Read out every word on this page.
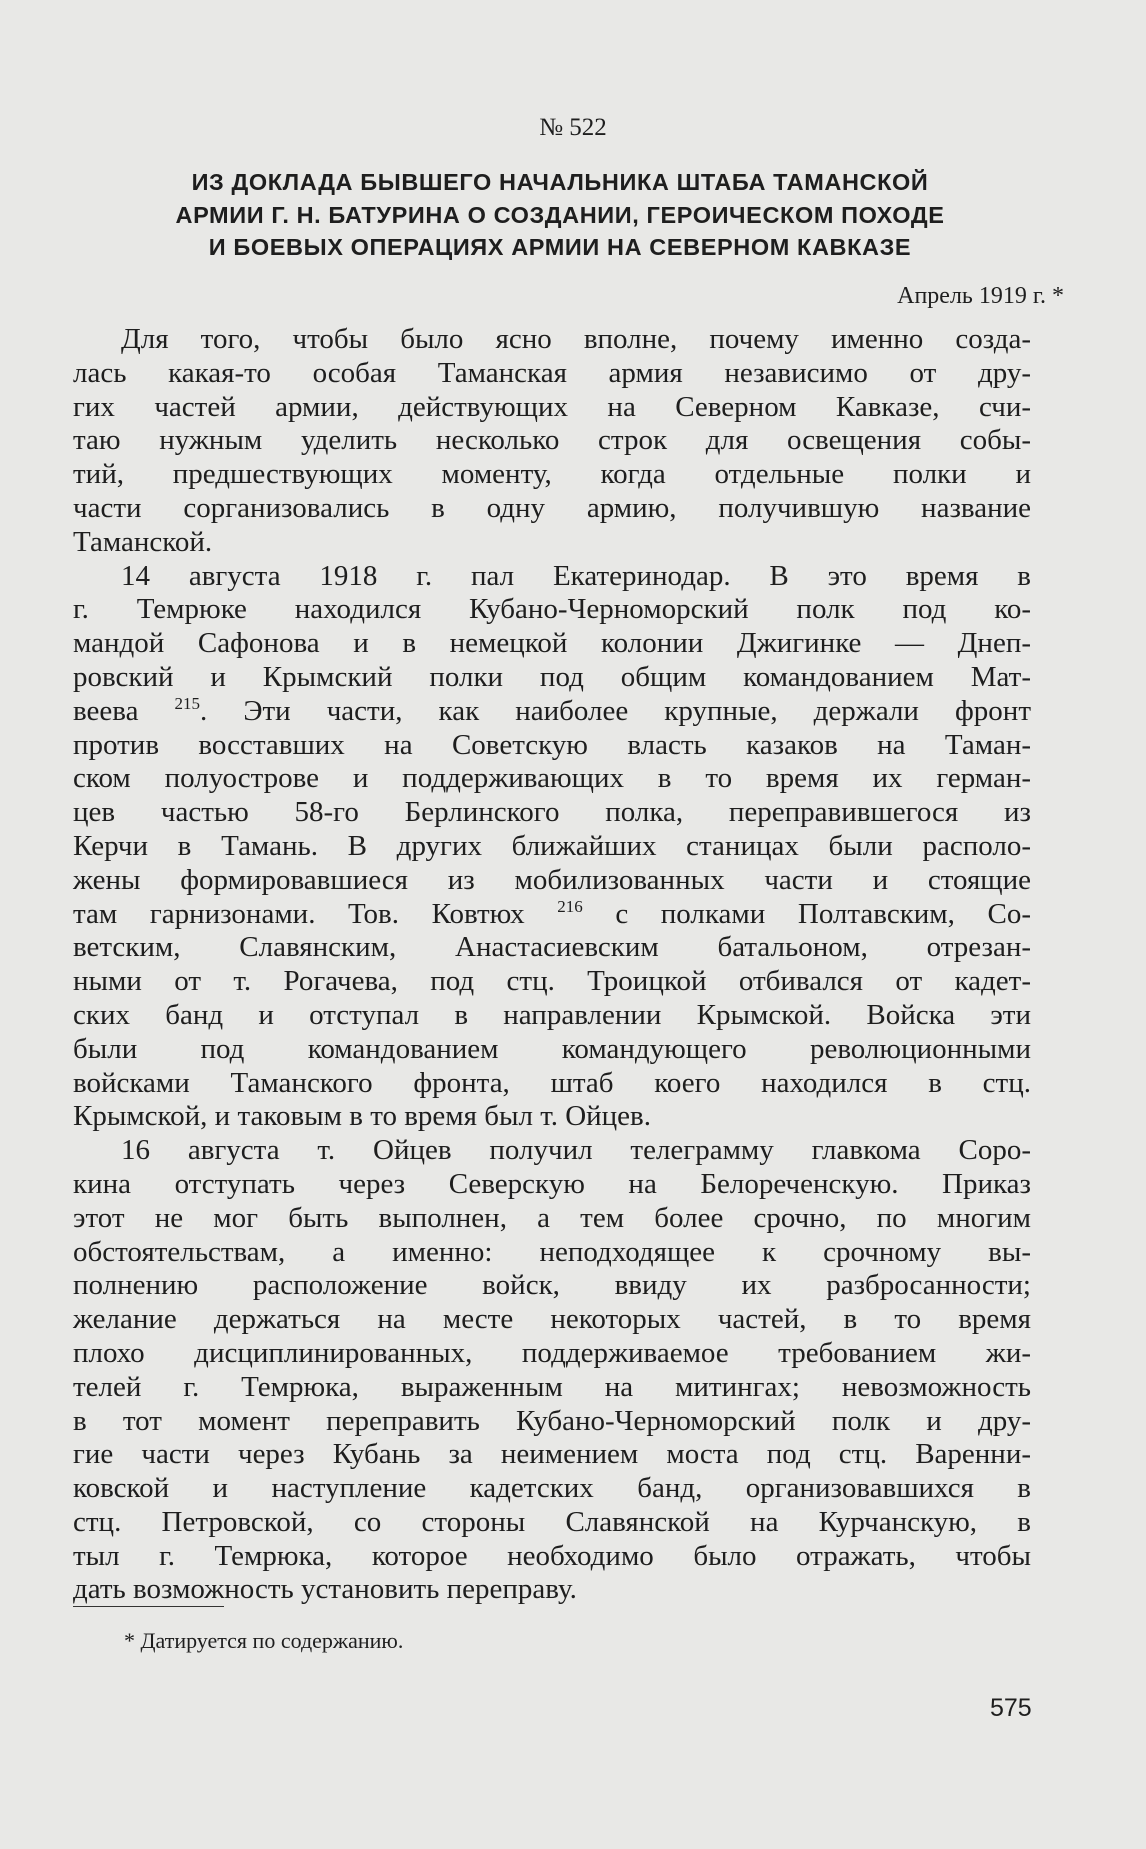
№ 522
ИЗ ДОКЛАДА БЫВШЕГО НАЧАЛЬНИКА ШТАБА ТАМАНСКОЙ
АРМИИ Г. Н. БАТУРИНА О СОЗДАНИИ, ГЕРОИЧЕСКОМ ПОХОДЕ
И БОЕВЫХ ОПЕРАЦИЯХ АРМИИ НА СЕВЕРНОМ КАВКАЗЕ
Апрель 1919 г. *
Для того, чтобы было ясно вполне, почему именно созда-
лась какая-то особая Таманская армия независимо от дру-
гих частей армии, действующих на Северном Кавказе, счи-
таю нужным уделить несколько строк для освещения собы-
тий, предшествующих моменту, когда отдельные полки и
части сорганизовались в одну армию, получившую название
Таманской.
14 августа 1918 г. пал Екатеринодар. В это время в
г. Темрюке находился Кубано-Черноморский полк под ко-
мандой Сафонова и в немецкой колонии Джигинке — Днеп-
ровский и Крымский полки под общим командованием Мат-
веева $^{215}$. Эти части, как наиболее крупные, держали фронт
против восставших на Советскую власть казаков на Таман-
ском полуострове и поддерживающих в то время их герман-
цев частью 58-го Берлинского полка, переправившегося из
Керчи в Тамань. В других ближайших станицах были располо-
жены формировавшиеся из мобилизованных части и стоящие
там гарнизонами. Тов. Ковтюх $^{216}$ с полками Полтавским, Со-
ветским, Славянским, Анастасиевским батальоном, отрезан-
ными от т. Рогачева, под стц. Троицкой отбивался от кадет-
ских банд и отступал в направлении Крымской. Войска эти
были под командованием командующего революционными
войсками Таманского фронта, штаб коего находился в стц.
Крымской, и таковым в то время был т. Ойцев.
16 августа т. Ойцев получил телеграмму главкома Соро-
кина отступать через Северскую на Белореченскую. Приказ
этот не мог быть выполнен, а тем более срочно, по многим
обстоятельствам, а именно: неподходящее к срочному вы-
полнению расположение войск, ввиду их разбросанности;
желание держаться на месте некоторых частей, в то время
плохо дисциплинированных, поддерживаемое требованием жи-
телей г. Темрюка, выраженным на митингах; невозможность
в тот момент переправить Кубано-Черноморский полк и дру-
гие части через Кубань за неимением моста под стц. Варенни-
ковской и наступление кадетских банд, организовавшихся в
стц. Петровской, со стороны Славянской на Курчанскую, в
тыл г. Темрюка, которое необходимо было отражать, чтобы
дать возможность установить переправу.
* Датируется по содержанию.
575
